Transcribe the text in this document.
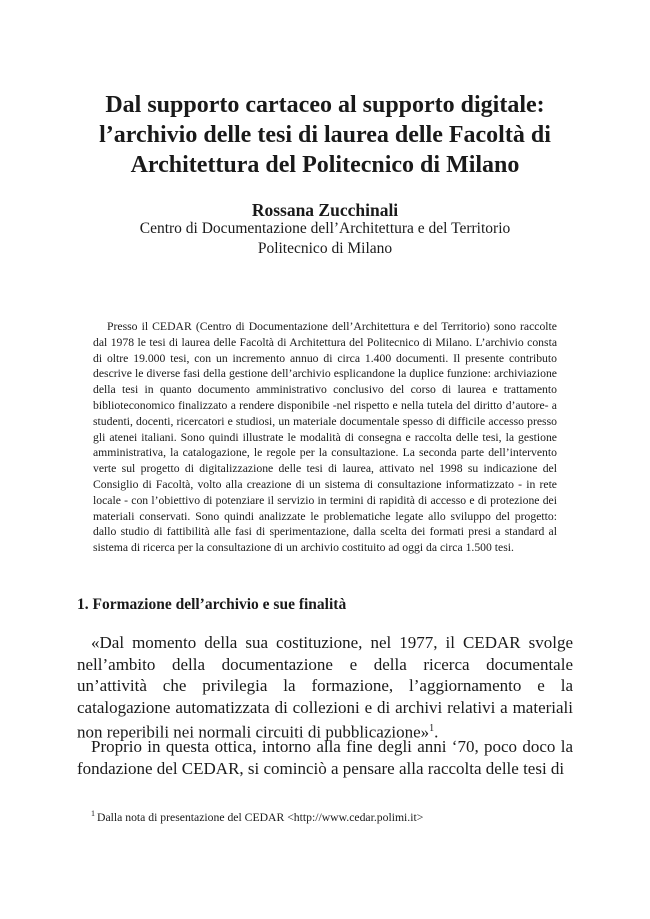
Dal supporto cartaceo al supporto digitale:
l’archivio delle tesi di laurea delle Facoltà di
Architettura del Politecnico di Milano
Rossana Zucchinali
Centro di Documentazione dell’Architettura e del Territorio
Politecnico di Milano

Presso il CEDAR (Centro di Documentazione dell’Architettura e del Territorio) sono raccolte dal 1978 le tesi di laurea delle Facoltà di Architettura del Politecnico di Milano. L’archivio consta di oltre 19.000 tesi, con un incremento annuo di circa 1.400 documenti. Il presente contributo descrive le diverse fasi della gestione dell’archivio esplicandone la duplice funzione: archiviazione della tesi in quanto documento amministrativo conclusivo del corso di laurea e trattamento biblioteconomico finalizzato a rendere disponibile -nel rispetto e nella tutela del diritto d’autore- a studenti, docenti, ricercatori e studiosi, un materiale documentale spesso di difficile accesso presso gli atenei italiani. Sono quindi illustrate le modalità di consegna e raccolta delle tesi, la gestione amministrativa, la catalogazione, le regole per la consultazione. La seconda parte dell’intervento verte sul progetto di digitalizzazione delle tesi di laurea, attivato nel 1998 su indicazione del Consiglio di Facoltà, volto alla creazione di un sistema di consultazione informatizzato - in rete locale - con l’obiettivo di potenziare il servizio in termini di rapidità di accesso e di protezione dei materiali conservati. Sono quindi analizzate le problematiche legate allo sviluppo del progetto: dallo studio di fattibilità alle fasi di sperimentazione, dalla scelta dei formati presi a standard al sistema di ricerca per la consultazione di un archivio costituito ad oggi da circa 1.500 tesi.

1. Formazione dell’archivio e sue finalità

«Dal momento della sua costituzione, nel 1977, il CEDAR svolge nell’ambito della documentazione e della ricerca documentale un’attività che privilegia la formazione, l’aggiornamento e la catalogazione automatizzata di collezioni e di archivi relativi a materiali non reperibili nei normali circuiti di pubblicazione»$^1$.

Proprio in questa ottica, intorno alla fine degli anni ‘70, poco doco la fondazione del CEDAR, si cominciò a pensare alla raccolta delle tesi di

$^1$ Dalla nota di presentazione del CEDAR <http://www.cedar.polimi.it>
